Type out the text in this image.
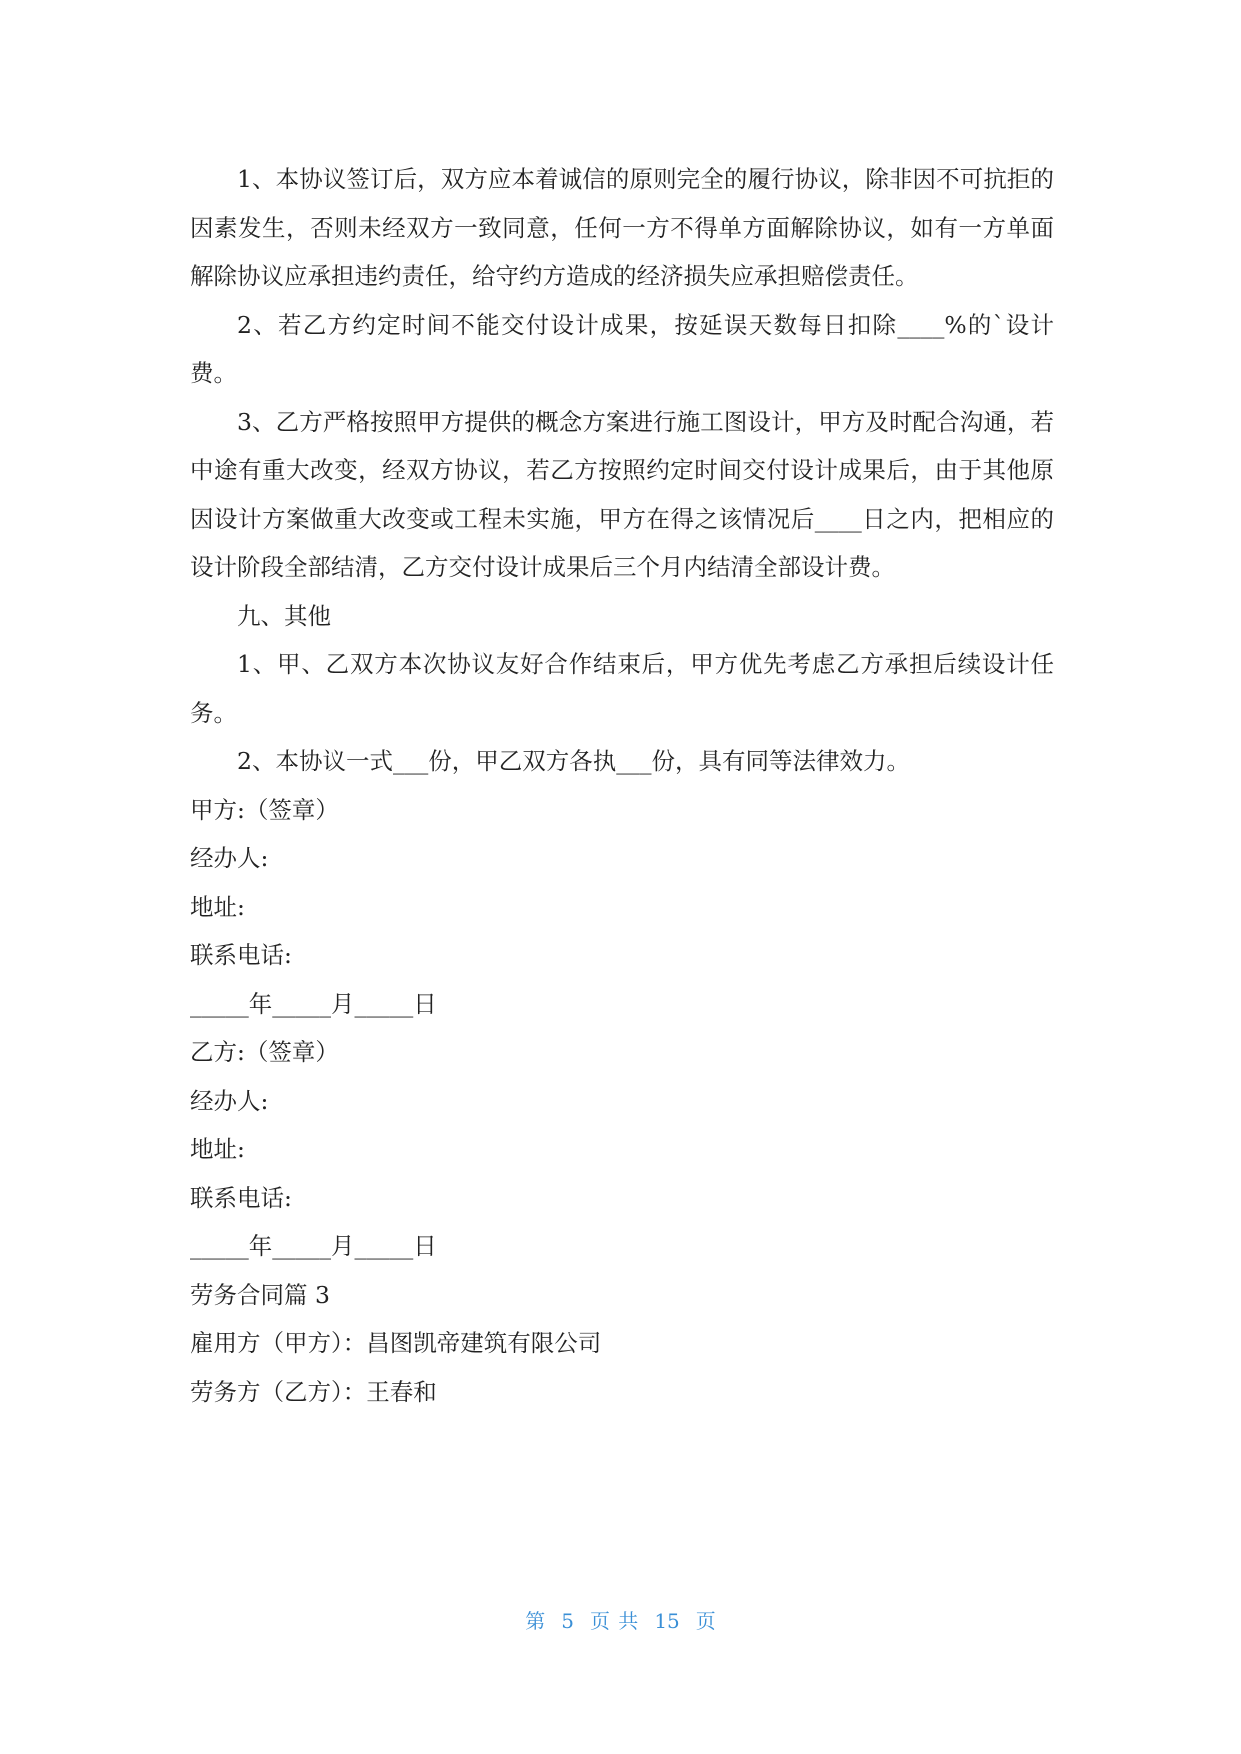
1、本协议签订后，双方应本着诚信的原则完全的履行协议，除非因不可抗拒的因素发生，否则未经双方一致同意，任何一方不得单方面解除协议，如有一方单面解除协议应承担违约责任，给守约方造成的经济损失应承担赔偿责任。

2、若乙方约定时间不能交付设计成果，按延误天数每日扣除____%的`设计费。

3、乙方严格按照甲方提供的概念方案进行施工图设计，甲方及时配合沟通，若中途有重大改变，经双方协议，若乙方按照约定时间交付设计成果后，由于其他原因设计方案做重大改变或工程未实施，甲方在得之该情况后____日之内，把相应的设计阶段全部结清，乙方交付设计成果后三个月内结清全部设计费。

九、其他

1、甲、乙双方本次协议友好合作结束后，甲方优先考虑乙方承担后续设计任务。

2、本协议一式___份，甲乙双方各执___份，具有同等法律效力。

甲方:（签章）

经办人:

地址:

联系电话:

_____年_____月_____日

乙方:（签章）

经办人:

地址:

联系电话:

_____年_____月_____日

劳务合同篇 3

雇用方（甲方）：昌图凯帝建筑有限公司

劳务方（乙方）：王春和

第 5 页 共 15 页
